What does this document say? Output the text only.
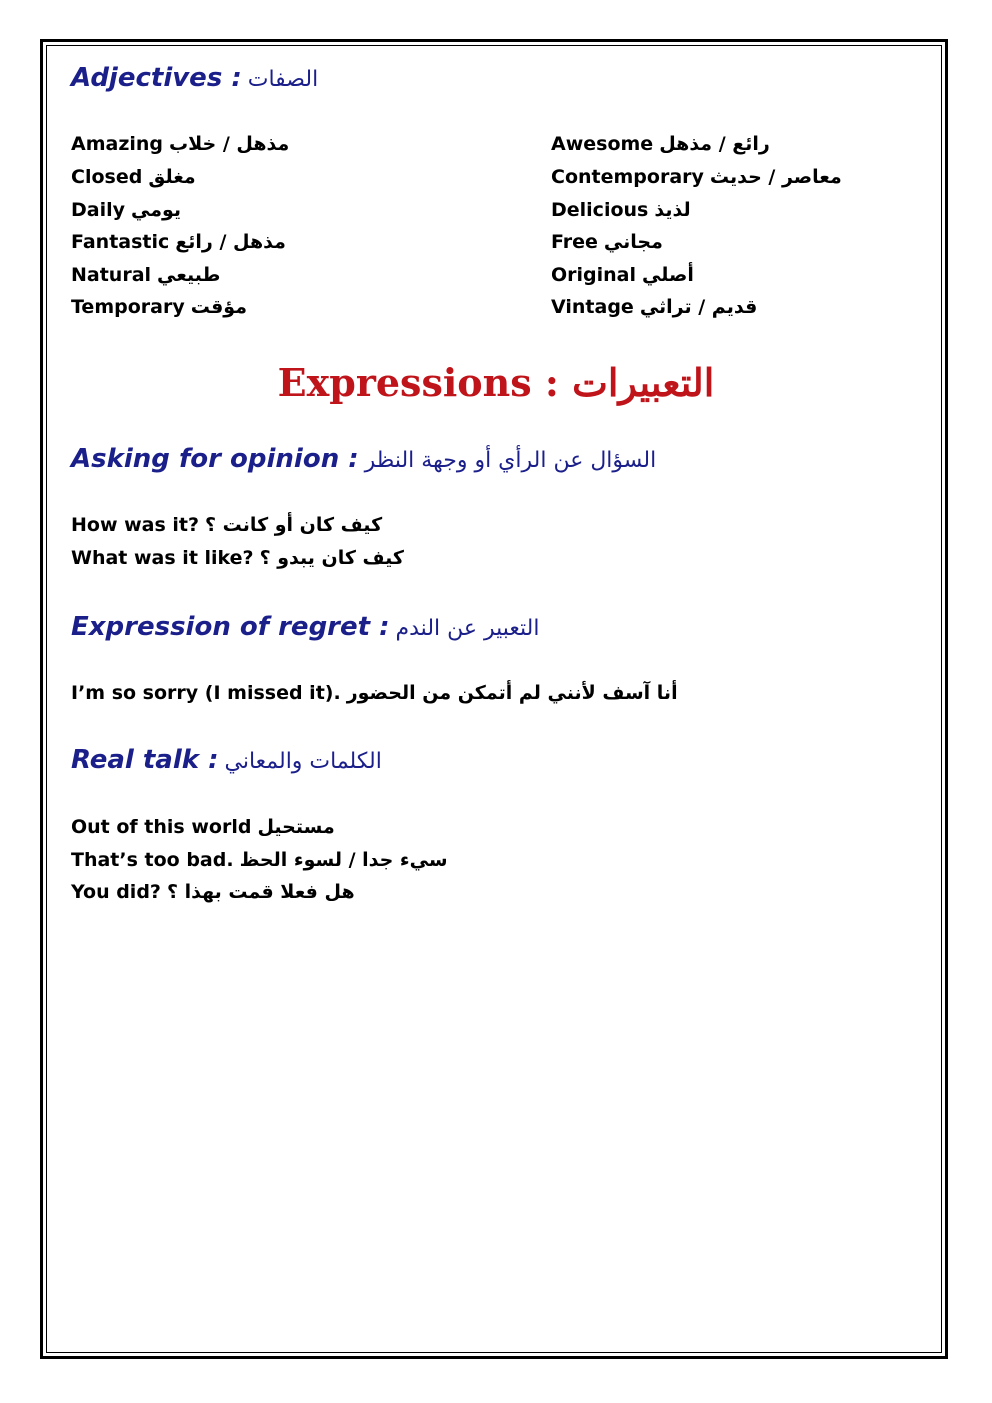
Adjectives : الصفات
Amazing مذهل / خلاب
Closed مغلق
Daily يومي
Fantastic مذهل / رائع
Natural طبيعي
Temporary مؤقت
Awesome رائع / مذهل
Contemporary معاصر / حديث
Delicious لذيذ
Free مجاني
Original أصلي
Vintage قديم / تراثي
Expressions : التعبيرات
Asking for opinion : السؤال عن الرأي أو وجهة النظر
How was it? كيف كان أو كانت ؟
What was it like? كيف كان يبدو ؟
Expression of regret : التعبير عن الندم
I’m so sorry (I missed it). أنا آسف لأنني لم أتمكن من الحضور
Real talk : الكلمات والمعاني
Out of this world مستحيل
That’s too bad. سيء جدا / لسوء الحظ
You did? هل فعلا قمت بهذا ؟
